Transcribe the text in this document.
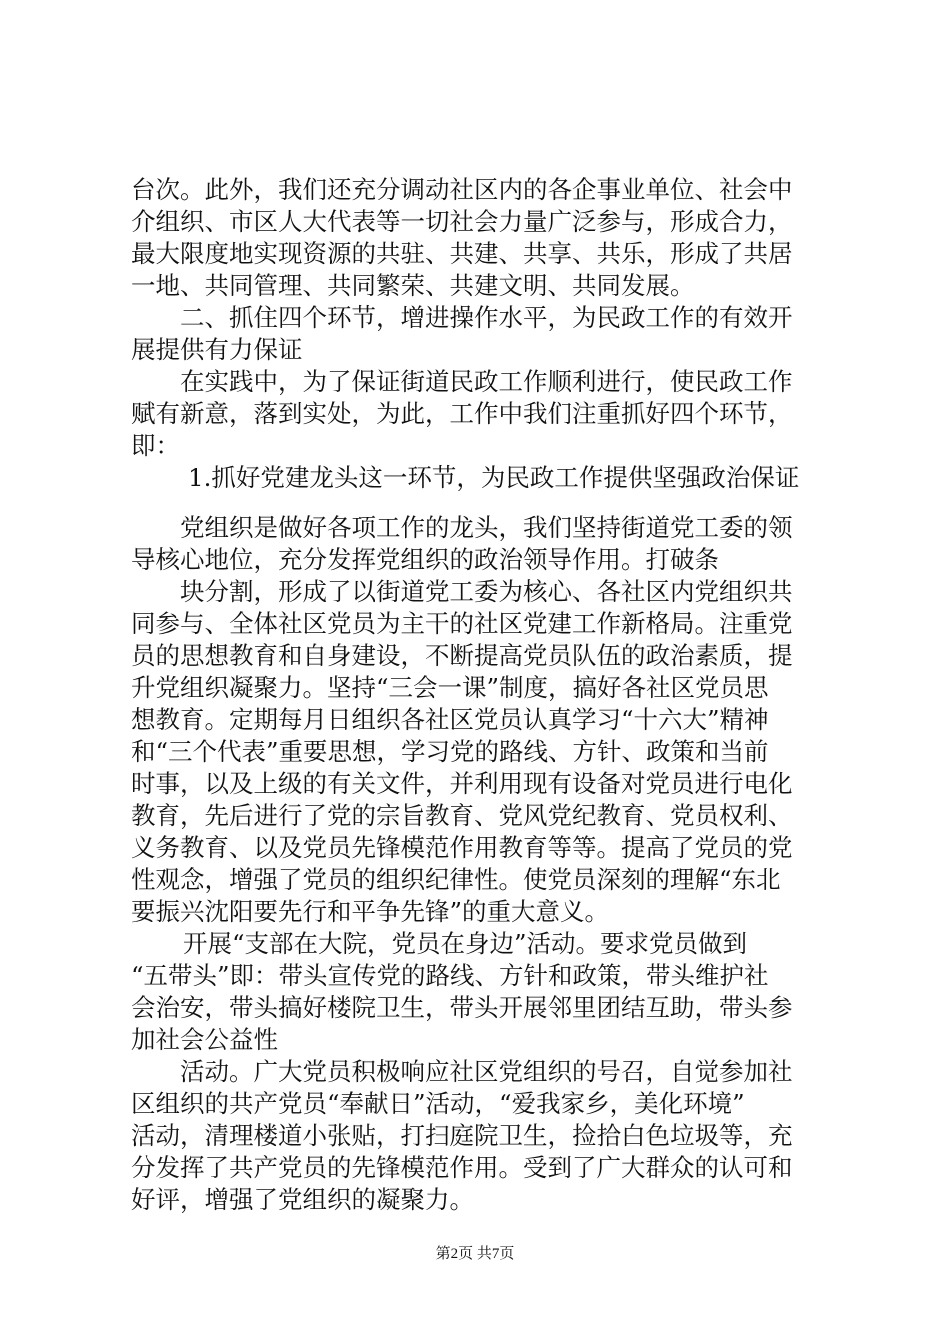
台次。此外，我们还充分调动社区内的各企事业单位、社会中
介组织、市区人大代表等一切社会力量广泛参与，形成合力，
最大限度地实现资源的共驻、共建、共享、共乐，形成了共居
一地、共同管理、共同繁荣、共建文明、共同发展。
二、抓住四个环节，增进操作水平，为民政工作的有效开
展提供有力保证
在实践中，为了保证街道民政工作顺利进行，使民政工作
赋有新意，落到实处，为此，工作中我们注重抓好四个环节，
即：
1.抓好党建龙头这一环节，为民政工作提供坚强政治保证
党组织是做好各项工作的龙头，我们坚持街道党工委的领
导核心地位，充分发挥党组织的政治领导作用。打破条
块分割，形成了以街道党工委为核心、各社区内党组织共
同参与、全体社区党员为主干的社区党建工作新格局。注重党
员的思想教育和自身建设，不断提高党员队伍的政治素质，提
升党组织凝聚力。坚持“三会一课”制度，搞好各社区党员思
想教育。定期每月日组织各社区党员认真学习“十六大”精神
和“三个代表”重要思想，学习党的路线、方针、政策和当前
时事，以及上级的有关文件，并利用现有设备对党员进行电化
教育，先后进行了党的宗旨教育、党风党纪教育、党员权利、
义务教育、以及党员先锋模范作用教育等等。提高了党员的党
性观念，增强了党员的组织纪律性。使党员深刻的理解“东北
要振兴沈阳要先行和平争先锋”的重大意义。
开展“支部在大院，党员在身边”活动。要求党员做到
“五带头”即：带头宣传党的路线、方针和政策，带头维护社
会治安，带头搞好楼院卫生，带头开展邻里团结互助，带头参
加社会公益性
活动。广大党员积极响应社区党组织的号召，自觉参加社
区组织的共产党员“奉献日”活动，“爱我家乡，美化环境”
活动，清理楼道小张贴，打扫庭院卫生，捡拾白色垃圾等，充
分发挥了共产党员的先锋模范作用。受到了广大群众的认可和
好评，增强了党组织的凝聚力。
第2页 共7页
